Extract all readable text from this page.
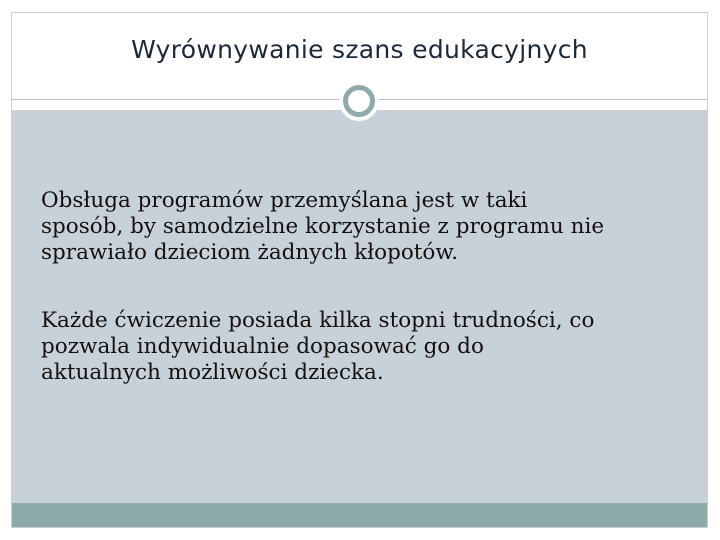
Wyrównywanie szans edukacyjnych
Obsługa programów przemyślana jest w taki
sposób, by samodzielne korzystanie z programu nie
sprawiało dzieciom żadnych kłopotów.
Każde ćwiczenie posiada kilka stopni trudności, co
pozwala indywidualnie dopasować go do
aktualnych możliwości dziecka.
